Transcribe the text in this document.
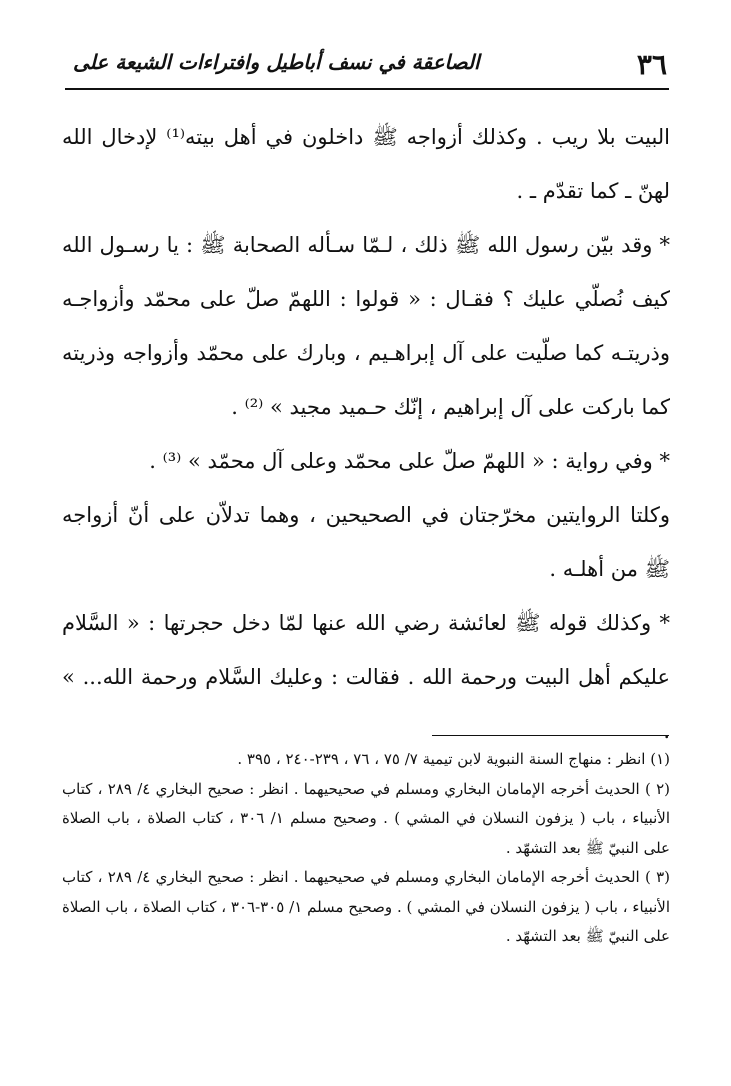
٣٦
الصاعقة في نسف أباطيل وافتراءات الشيعة على

البيت بلا ريب . وكذلك أزواجه ﷺ داخلون في أهل بيته⁽¹⁾ لإدخال الله لهنّ ـ كما تقدّم ـ .

* وقد بيّن رسول الله ﷺ ذلك ، لـمّا سـأله الصحابة ﷺ : يا رسـول الله كيف نُصلّي عليك ؟ فقـال : « قولوا : اللهمّ صلّ على محمّد وأزواجـه وذريتـه كما صلّيت على آل إبراهـيم ، وبارك على محمّد وأزواجه وذريته كما باركت على آل إبراهيم ، إنّك حـميد مجيد » ⁽²⁾ .

* وفي رواية : « اللهمّ صلّ على محمّد وعلى آل محمّد » ⁽³⁾ .

وكلتا الروايتين مخرّجتان في الصحيحين ، وهما تدلاّن على أنّ أزواجه ﷺ من أهلـه .

* وكذلك قوله ﷺ لعائشة رضي الله عنها لمّا دخل حجرتها : « السَّلام عليكم أهل البيت ورحمة الله . فقالت : وعليك السَّلام ورحمة الله... » .

(١) انظر : منهاج السنة النبوية لابن تيمية ٧/ ٧٥ ، ٧٦ ، ٢٣٩-٢٤٠ ، ٣٩٥ .

(٢ ) الحديث أخرجه الإمامان البخاري ومسلم في صحيحيهما . انظر : صحيح البخاري ٤/ ٢٨٩ ، كتاب الأنبياء ، باب ( يزفون النسلان في المشي ) . وصحيح مسلم ١/ ٣٠٦ ، كتاب الصلاة ، باب الصلاة على النبيّ ﷺ بعد التشهّد .

(٣ ) الحديث أخرجه الإمامان البخاري ومسلم في صحيحيهما . انظر : صحيح البخاري ٤/ ٢٨٩ ، كتاب الأنبياء ، باب ( يزفون النسلان في المشي ) . وصحيح مسلم ١/ ٣٠٥-٣٠٦ ، كتاب الصلاة ، باب الصلاة على النبيّ ﷺ بعد التشهّد .
